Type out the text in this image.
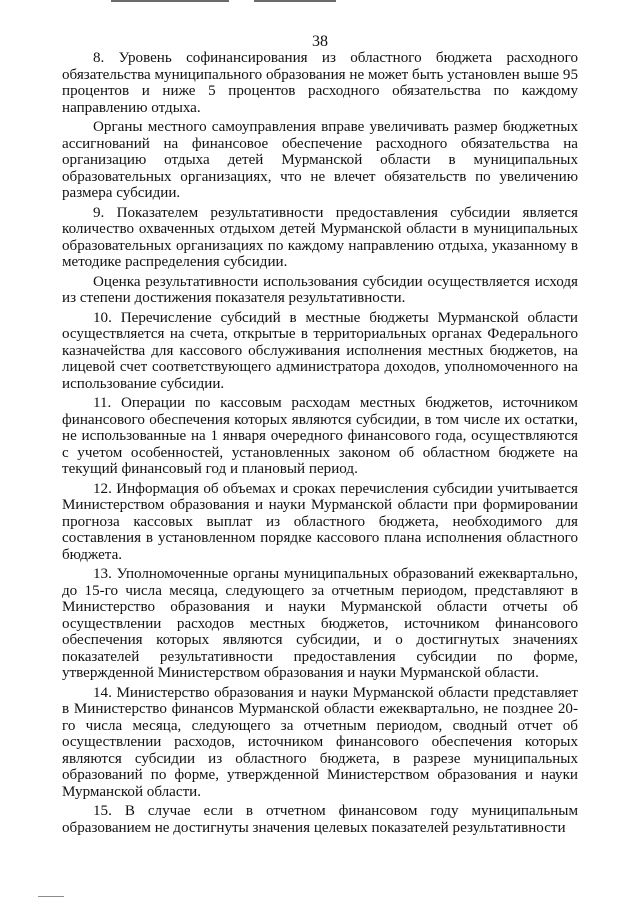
38

8. Уровень софинансирования из областного бюджета расходного обязательства муниципального образования не может быть установлен выше 95 процентов и ниже 5 процентов расходного обязательства по каждому направлению отдыха.

Органы местного самоуправления вправе увеличивать размер бюджетных ассигнований на финансовое обеспечение расходного обязательства на организацию отдыха детей Мурманской области в муниципальных образовательных организациях, что не влечет обязательств по увеличению размера субсидии.

9. Показателем результативности предоставления субсидии является количество охваченных отдыхом детей Мурманской области в муниципальных образовательных организациях по каждому направлению отдыха, указанному в методике распределения субсидии.

Оценка результативности использования субсидии осуществляется исходя из степени достижения показателя результативности.

10. Перечисление субсидий в местные бюджеты Мурманской области осуществляется на счета, открытые в территориальных органах Федерального казначейства для кассового обслуживания исполнения местных бюджетов, на лицевой счет соответствующего администратора доходов, уполномоченного на использование субсидии.

11. Операции по кассовым расходам местных бюджетов, источником финансового обеспечения которых являются субсидии, в том числе их остатки, не использованные на 1 января очередного финансового года, осуществляются с учетом особенностей, установленных законом об областном бюджете на текущий финансовый год и плановый период.

12. Информация об объемах и сроках перечисления субсидии учитывается Министерством образования и науки Мурманской области при формировании прогноза кассовых выплат из областного бюджета, необходимого для составления в установленном порядке кассового плана исполнения областного бюджета.

13. Уполномоченные органы муниципальных образований ежеквартально, до 15-го числа месяца, следующего за отчетным периодом, представляют в Министерство образования и науки Мурманской области отчеты об осуществлении расходов местных бюджетов, источником финансового обеспечения которых являются субсидии, и о достигнутых значениях показателей результативности предоставления субсидии по форме, утвержденной Министерством образования и науки Мурманской области.

14. Министерство образования и науки Мурманской области представляет в Министерство финансов Мурманской области ежеквартально, не позднее 20-го числа месяца, следующего за отчетным периодом, сводный отчет об осуществлении расходов, источником финансового обеспечения которых являются субсидии из областного бюджета, в разрезе муниципальных образований по форме, утвержденной Министерством образования и науки Мурманской области.

15. В случае если в отчетном финансовом году муниципальным образованием не достигнуты значения целевых показателей результативности
